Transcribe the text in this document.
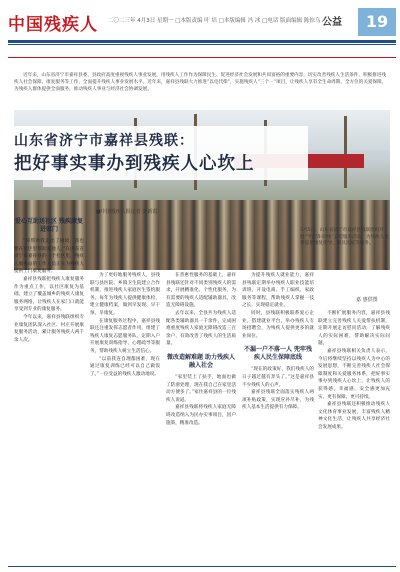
中国残疾人 二〇二三年 4月3日 星期一 □本版责编 叶 培 □本版编辑 冯 冰 □电话 版面编辑 陈惊乌 公益	19
近年来，山东省济宁市嘉祥县委、县政府高度重视残疾人事业发展，用残疾人工作作为保障民生、促进经济社会发展和共同富裕的重要内容，切实改善残疾人生活条件，积极推进残疾人社会保障、康复服务等工作，全面提升残疾人事业发展水平。近年来，嘉祥县残联大力推进“以电代柴”，实施残疾人“三个一”项目，让残疾人享有全生命周期、全方位的关爱保障，为残疾人群体提供全面服务，推动残疾人事业与经济社会协调发展。
山东省济宁市嘉祥县残联：
把好事实事办到残疾人心坎上
■中国残疾人报记者 张新霞
3月5日，山东省济宁市嘉祥县残联组织开展“学雷锋·助残”志愿服务活动，为残疾人免费提供康复指导、辅具适配等服务。
嘉 惠供图

爱心互助送社区 残疾康复进家门

“你帮助我走出了困境，我也要在社区里帮助其他人。”在山东省济宁市嘉祥县的一个社区里，残疾人服务站的工作人员正在为残疾人提供上门康复服务。

嘉祥县残联把残疾人康复服务作为重点工作，以社区康复为基础，建立了覆盖城乡的残疾人康复服务网络，让残疾人在家门口就能享受到专业的康复服务。

今年以来，嘉祥县残联组织专业康复团队深入社区、村庄开展康复服务活动，累计服务残疾人两千余人次。

为了更好地服务残疾人，县残联与县医院、乡镇卫生院建立合作机制，推进残疾人家庭医生签约服务，每年为残疾人提供健康体检，建立健康档案，做到早发现、早干预、早康复。

在康复服务过程中，嘉祥县残联还注重发挥志愿者作用，组建了残疾人康复志愿服务队，定期入户开展康复训练指导、心理疏导等服务，帮助残疾人树立生活信心。

“以前我连自理都困难，现在通过康复训练已经可以自己做饭了。”一位受益的残疾人激动地说。

在普惠性服务的基础上，嘉祥县残联还针对不同类别残疾人的需求，开展精准化、个性化服务，为有需要的残疾人适配辅助器具，改造无障碍设施。

去年以来，全县共为残疾人适配各类辅助器具一千余件，完成困难重度残疾人家庭无障碍改造三百余户，有效改善了残疾人的生活质量。

微改造解难题 助力残疾人融入社会

“家里装上了扶手，地面也做了防滑处理，现在我自己在家里活动方便多了。”家住嘉祥县的一位残疾人说道。

嘉祥县残联将残疾人家庭无障碍改造纳入为民办实事项目，因户施策，精准改造。

为提升残疾人就业能力，嘉祥县残联定期举办残疾人职业技能培训班，开设电商、手工编织、家政服务等课程，帮助残疾人掌握一技之长，实现稳定就业。

同时，县残联积极联系爱心企业，搭建就业平台，举办残疾人专场招聘会，为残疾人提供更多的就业岗位。

不漏一户不落一人 兜牢残疾人民生保障底线

“现在的政策好，我们残疾人的日子越过越有奔头了。”这是嘉祥县不少残疾人的心声。

嘉祥县残联全面落实残疾人两项补贴政策，实现应补尽补，为残疾人基本生活提供有力保障。

不断扩展服务内容，嘉祥县残联建立完善残疾人关爱帮扶机制，定期开展走访慰问活动，了解残疾人的实际困难，帮助解决实际问题。

嘉祥县残联相关负责人表示，今后将继续坚持以残疾人为中心的发展思想，不断完善残疾人社会保障制度和关爱服务体系，把好事实事办到残疾人心坎上，让残疾人的获得感、幸福感、安全感更加充实、更有保障、更可持续。

嘉祥县残联还积极推动残疾人文化体育事业发展，丰富残疾人精神文化生活，让残疾人共享经济社会发展成果。
